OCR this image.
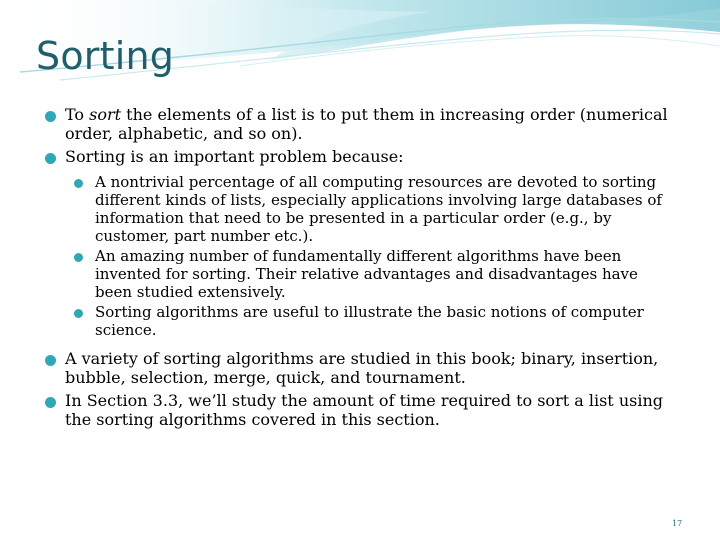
Sorting

To sort the elements of a list is to put them in increasing order (numerical order, alphabetic, and so on).

Sorting is an important problem because:

A nontrivial percentage of all computing resources are devoted to sorting different kinds of lists, especially applications involving large databases of information that need to be presented in a particular order (e.g., by customer, part number etc.).

An amazing number of fundamentally different algorithms have been invented for sorting. Their relative advantages and disadvantages have been studied extensively.

Sorting algorithms are useful to illustrate the basic notions of computer science.

A variety of sorting algorithms are studied in this book; binary, insertion, bubble, selection, merge, quick, and tournament.

In Section 3.3, we’ll study the amount of time required to sort a list using the sorting algorithms covered in this section.

17
